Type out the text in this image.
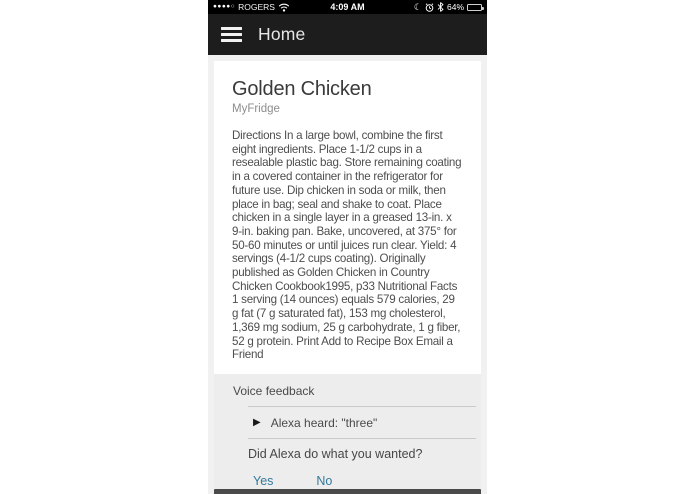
●●●●○ ROGERS	4:09 AM	☾	64%
Home
Golden Chicken
MyFridge
Directions In a large bowl, combine the first eight ingredients. Place 1-1/2 cups in a resealable plastic bag. Store remaining coating in a covered container in the refrigerator for future use. Dip chicken in soda or milk, then place in bag; seal and shake to coat. Place chicken in a single layer in a greased 13-in. x 9-in. baking pan. Bake, uncovered, at 375° for 50-60 minutes or until juices run clear. Yield: 4 servings (4-1/2 cups coating). Originally published as Golden Chicken in Country Chicken Cookbook1995, p33 Nutritional Facts 1 serving (14 ounces) equals 579 calories, 29 g fat (7 g saturated fat), 153 mg cholesterol, 1,369 mg sodium, 25 g carbohydrate, 1 g fiber, 52 g protein. Print Add to Recipe Box Email a Friend
Voice feedback
▶ Alexa heard: "three"
Did Alexa do what you wanted?
Yes	No
